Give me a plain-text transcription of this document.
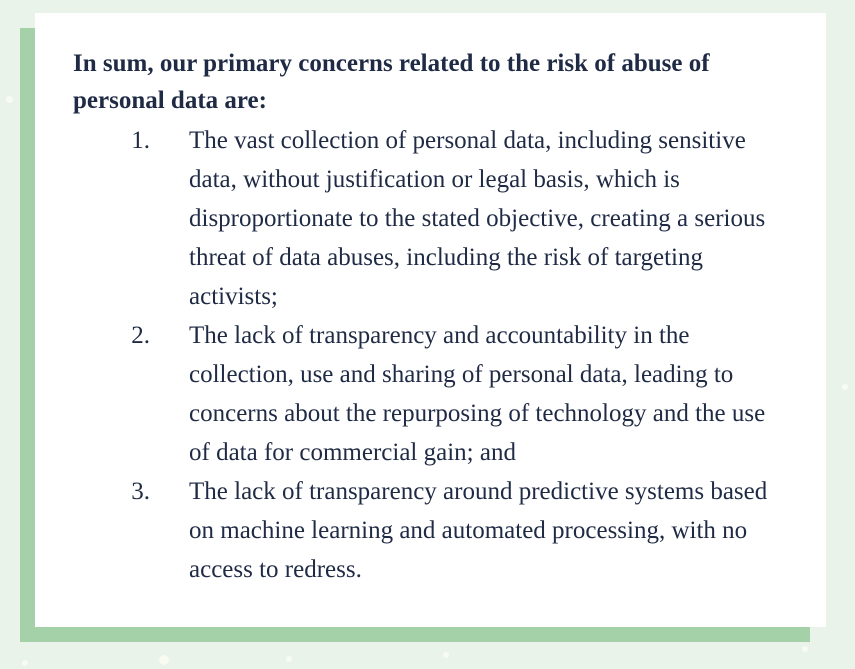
In sum, our primary concerns related to the risk of abuse of personal data are:

1. The vast collection of personal data, including sensitive data, without justification or legal basis, which is disproportionate to the stated objective, creating a serious threat of data abuses, including the risk of targeting activists;
2. The lack of transparency and accountability in the collection, use and sharing of personal data, leading to concerns about the repurposing of technology and the use of data for commercial gain; and
3. The lack of transparency around predictive systems based on machine learning and automated processing, with no access to redress.
